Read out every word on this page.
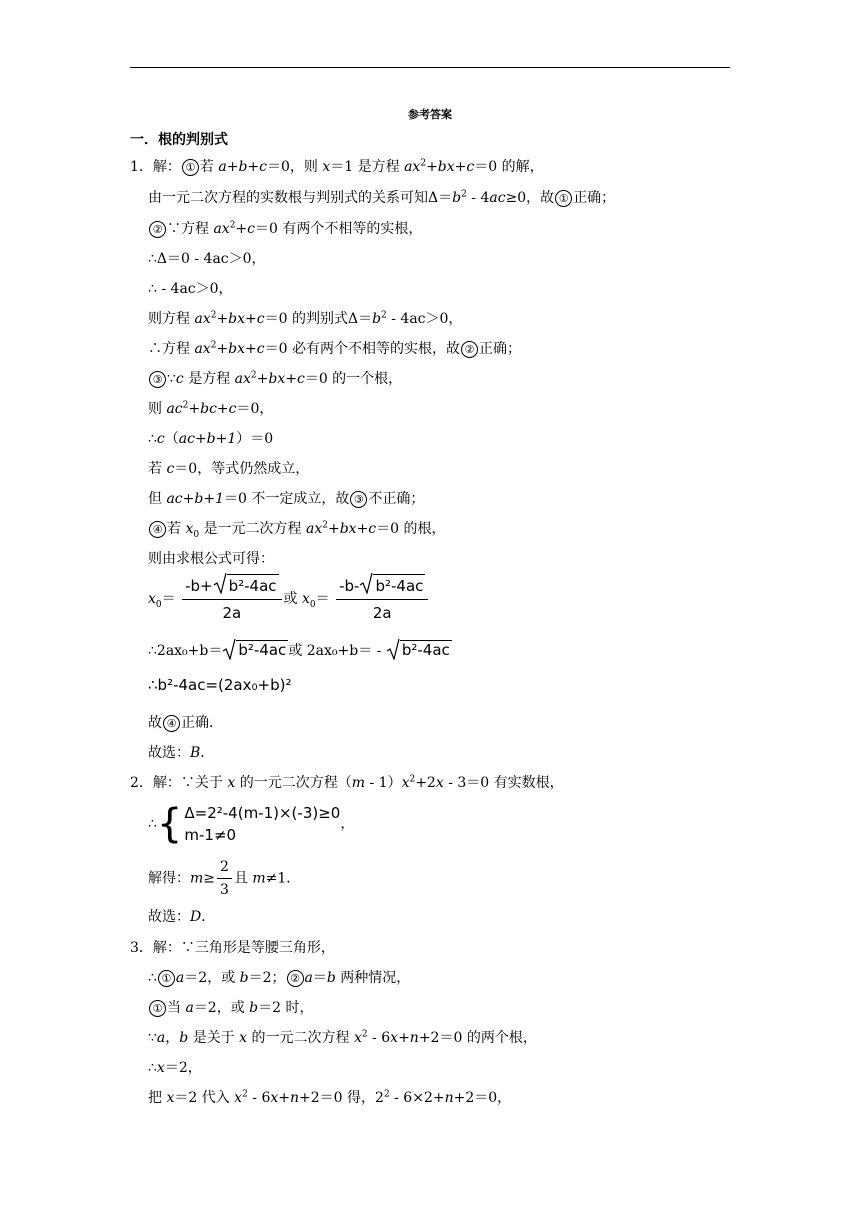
参考答案
一．根的判别式
1．解： ① 若 a+b+c＝0，则 x＝1 是方程 $ax^2+bx+c=0$ 的解，
由一元二次方程的实数根与判别式的关系可知$\Delta=b^2 - 4ac\ge 0$，故 ① 正确；
② ∵方程 $ax^2+c=0$ 有两个不相等的实根，
∴Δ＝0 - 4ac＞0，
∴ - 4ac＞0，
则方程 $ax^2+bx+c=0$ 的判别式$\Delta=b^2 - 4ac>0$，
∴方程 $ax^2+bx+c=0$ 必有两个不相等的实根，故 ② 正确；
③ ∵c 是方程 $ax^2+bx+c=0$ 的一个根，
则 $ac^2+bc+c=0$，
∴c（ac+b+1）＝0
若 c＝0，等式仍然成立，
但 ac+b+1＝0 不一定成立，故 ③ 不正确；
④ 若 $x_0$ 是一元二次方程 $ax^2+bx+c=0$ 的根，
则由求根公式可得：
$x_0= \frac{\text{-b+ b²-4ac}}{2a}$ 或 $x_0= \frac{\text{-b- b²-4ac}}{2a}$
∴2ax₀+b＝ b²-4ac 或 2ax₀+b＝ -
b²-4ac
∴b²-4ac=(2ax₀+b)²
故 ④ 正确．
故选：B．
2．解：∵关于 x 的一元二次方程$(m - 1)x^2+2x - 3=0$ 有实数根，
∴ { Δ=2²-4(m-1)×(-3)≥0
m-1≠0
，
解得：$m\ge \frac{2}{3}$ 且 m≠1．
故选：D．
3．解：∵三角形是等腰三角形，
∴ ① a＝2，或 b＝2； ② a＝b 两种情况，
① 当 a＝2，或 b＝2 时，
∵a，b 是关于 x 的一元二次方程 $x^2 - 6x+n+2=0$ 的两个根，
∴x＝2，
把 x＝2 代入 $x^2 - 6x+n+2=0$ 得，$2^2 - 6\times 2+n+2=0$，
